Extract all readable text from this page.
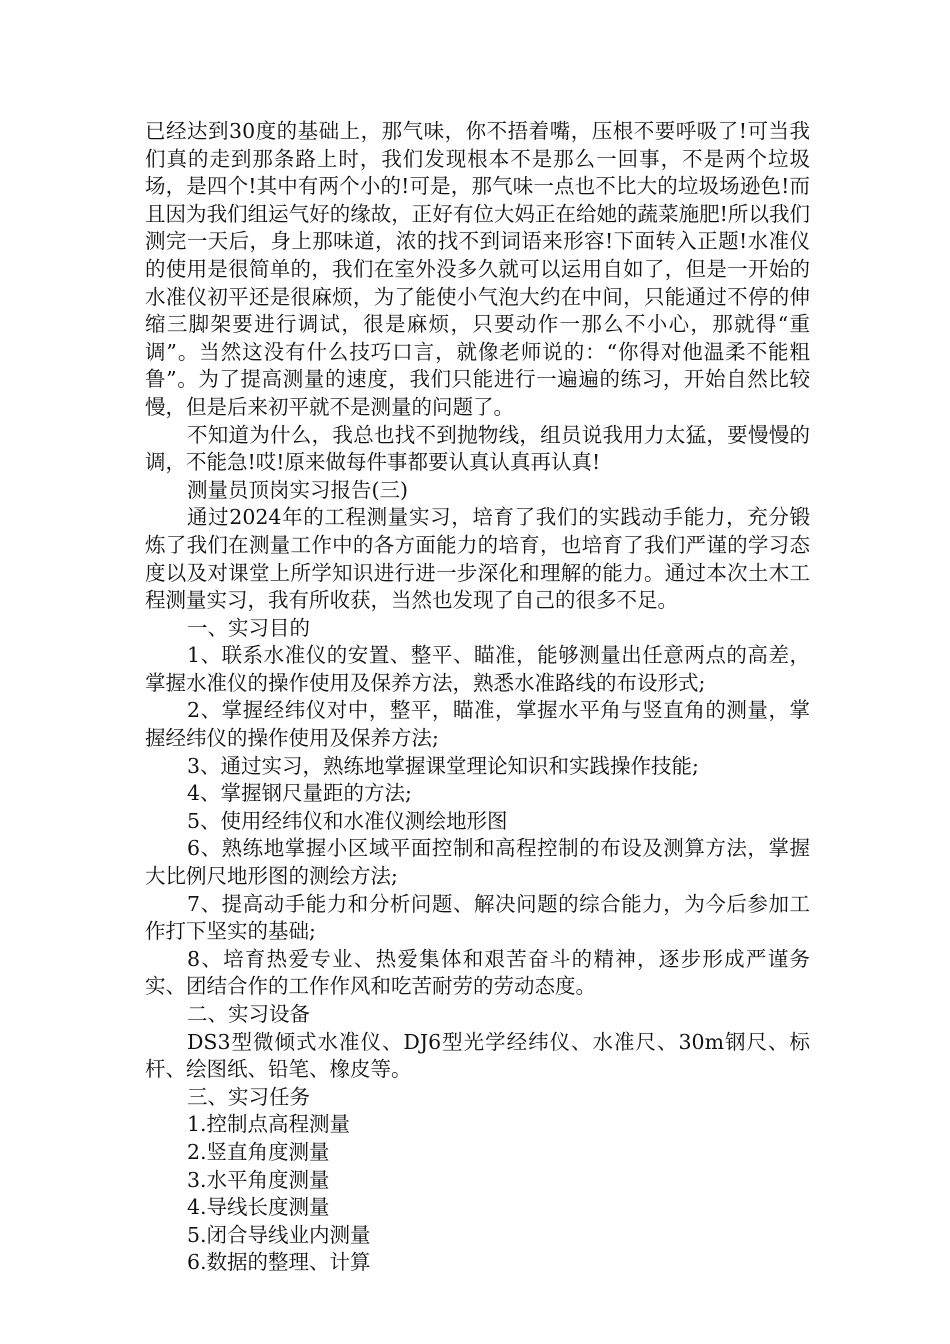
已经达到30度的基础上，那气味，你不捂着嘴，压根不要呼吸了!可当我们真的走到那条路上时，我们发现根本不是那么一回事，不是两个垃圾场，是四个!其中有两个小的!可是，那气味一点也不比大的垃圾场逊色!而且因为我们组运气好的缘故，正好有位大妈正在给她的蔬菜施肥!所以我们测完一天后，身上那味道，浓的找不到词语来形容!下面转入正题!水准仪的使用是很简单的，我们在室外没多久就可以运用自如了，但是一开始的水准仪初平还是很麻烦，为了能使小气泡大约在中间，只能通过不停的伸缩三脚架要进行调试，很是麻烦，只要动作一那么不小心，那就得“重调”。当然这没有什么技巧口言，就像老师说的：“你得对他温柔不能粗鲁”。为了提高测量的速度，我们只能进行一遍遍的练习，开始自然比较慢，但是后来初平就不是测量的问题了。

不知道为什么，我总也找不到抛物线，组员说我用力太猛，要慢慢的调，不能急!哎!原来做每件事都要认真认真再认真!

测量员顶岗实习报告(三)

通过2024年的工程测量实习，培育了我们的实践动手能力，充分锻炼了我们在测量工作中的各方面能力的培育，也培育了我们严谨的学习态度以及对课堂上所学知识进行进一步深化和理解的能力。通过本次土木工程测量实习，我有所收获，当然也发现了自己的很多不足。

一、实习目的

1、联系水准仪的安置、整平、瞄准，能够测量出任意两点的高差，掌握水准仪的操作使用及保养方法，熟悉水准路线的布设形式;

2、掌握经纬仪对中，整平，瞄准，掌握水平角与竖直角的测量，掌握经纬仪的操作使用及保养方法;

3、通过实习，熟练地掌握课堂理论知识和实践操作技能;

4、掌握钢尺量距的方法;

5、使用经纬仪和水准仪测绘地形图

6、熟练地掌握小区域平面控制和高程控制的布设及测算方法，掌握大比例尺地形图的测绘方法;

7、提高动手能力和分析问题、解决问题的综合能力，为今后参加工作打下坚实的基础;

8、培育热爱专业、热爱集体和艰苦奋斗的精神，逐步形成严谨务实、团结合作的工作作风和吃苦耐劳的劳动态度。

二、实习设备

DS3型微倾式水准仪、DJ6型光学经纬仪、水准尺、30m钢尺、标杆、绘图纸、铅笔、橡皮等。

三、实习任务

1.控制点高程测量

2.竖直角度测量

3.水平角度测量

4.导线长度测量

5.闭合导线业内测量

6.数据的整理、计算
